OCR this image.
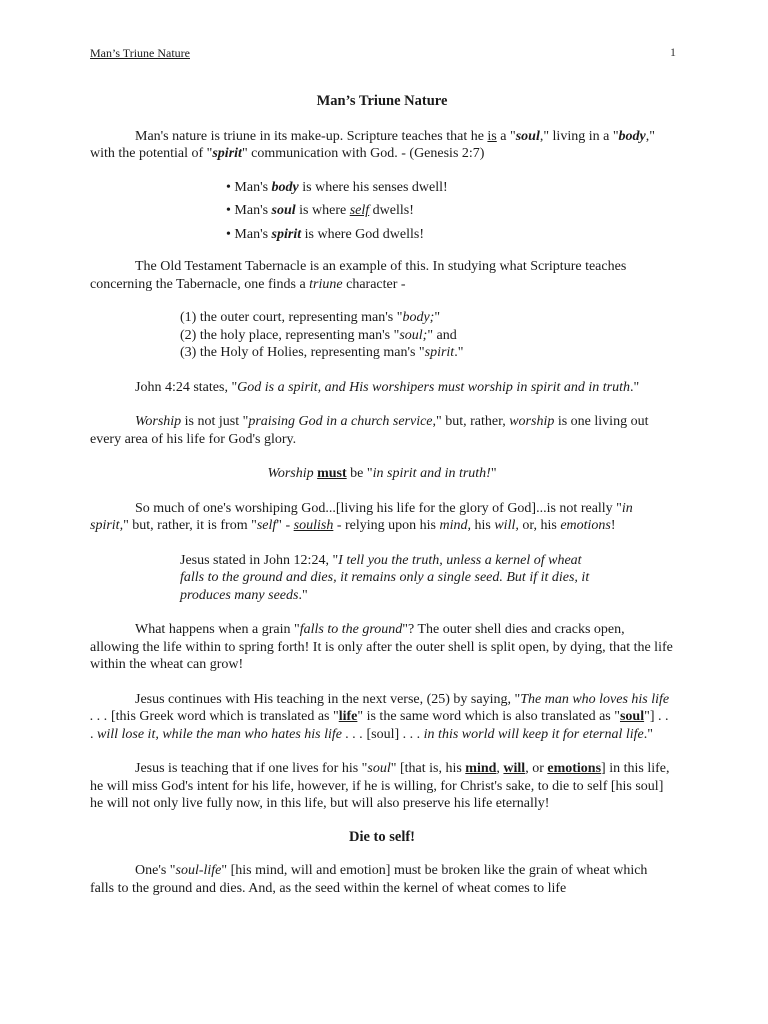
Man’s Triune Nature	1

Man’s Triune Nature

Man's nature is triune in its make-up. Scripture teaches that he is a "soul," living in a "body," with the potential of "spirit" communication with God. - (Genesis 2:7)

• Man's body is where his senses dwell!
• Man's soul is where self dwells!
• Man's spirit is where God dwells!

The Old Testament Tabernacle is an example of this. In studying what Scripture teaches concerning the Tabernacle, one finds a triune character -

(1) the outer court, representing man's "body;"
(2) the holy place, representing man's "soul;" and
(3) the Holy of Holies, representing man's "spirit."

John 4:24 states, "God is a spirit, and His worshipers must worship in spirit and in truth."

Worship is not just "praising God in a church service," but, rather, worship is one living out every area of his life for God's glory.

Worship must be "in spirit and in truth!"

So much of one's worshiping God...[living his life for the glory of God]...is not really "in spirit," but, rather, it is from "self" - soulish - relying upon his mind, his will, or, his emotions!

Jesus stated in John 12:24, "I tell you the truth, unless a kernel of wheat falls to the ground and dies, it remains only a single seed. But if it dies, it produces many seeds."

What happens when a grain "falls to the ground"? The outer shell dies and cracks open, allowing the life within to spring forth! It is only after the outer shell is split open, by dying, that the life within the wheat can grow!

Jesus continues with His teaching in the next verse, (25) by saying, "The man who loves his life . . . [this Greek word which is translated as "life" is the same word which is also translated as "soul"] . . . will lose it, while the man who hates his life . . . [soul] . . . in this world will keep it for eternal life."

Jesus is teaching that if one lives for his "soul" [that is, his mind, will, or emotions] in this life, he will miss God's intent for his life, however, if he is willing, for Christ's sake, to die to self [his soul] he will not only live fully now, in this life, but will also preserve his life eternally!

Die to self!

One's "soul-life" [his mind, will and emotion] must be broken like the grain of wheat which falls to the ground and dies. And, as the seed within the kernel of wheat comes to life
